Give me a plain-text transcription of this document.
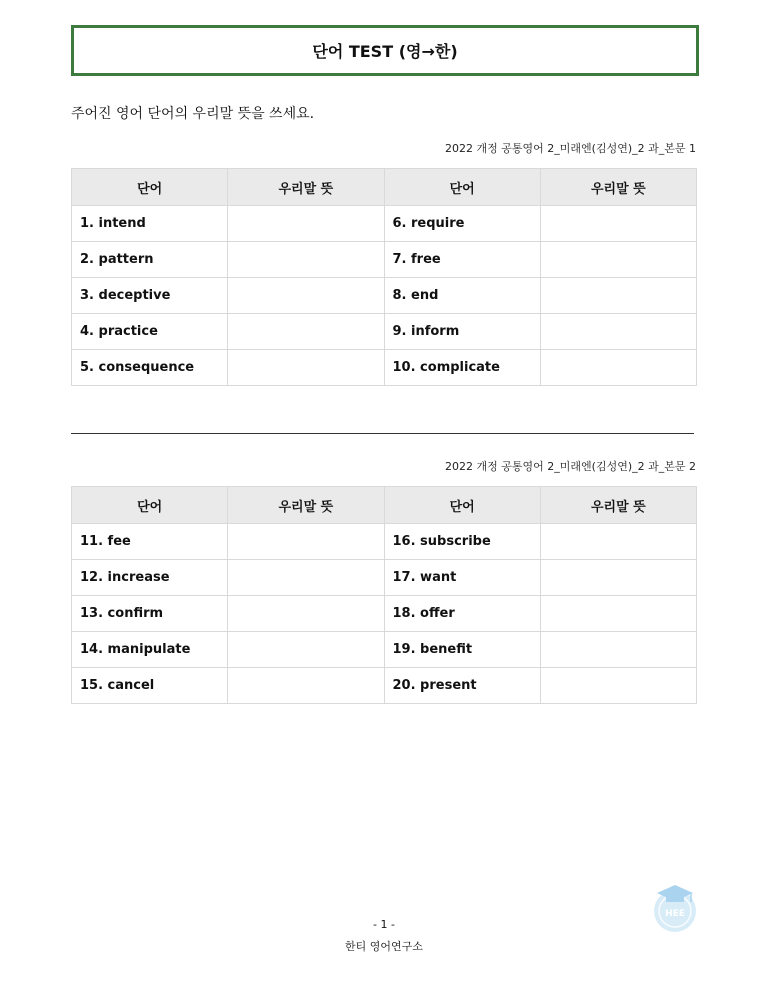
단어 TEST (영→한)
주어진 영어 단어의 우리말 뜻을 쓰세요.
2022 개정 공통영어 2_미래엔(김성연)_2 과_본문 1
단어	우리말 뜻	단어	우리말 뜻
1. intend		6. require	
2. pattern		7. free	
3. deceptive		8. end	
4. practice		9. inform	
5. consequence		10. complicate	
2022 개정 공통영어 2_미래엔(김성연)_2 과_본문 2
단어	우리말 뜻	단어	우리말 뜻
11. fee		16. subscribe	
12. increase		17. want	
13. confirm		18. offer	
14. manipulate		19. benefit	
15. cancel		20. present	
HEE
- 1 -
한티 영어연구소
